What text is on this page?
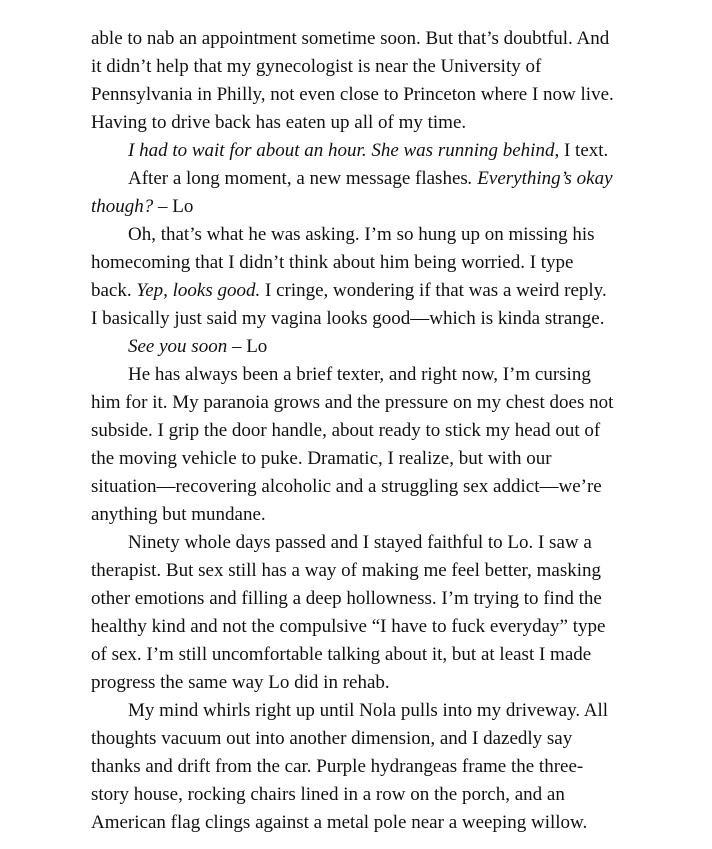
able to nab an appointment sometime soon. But that’s doubtful. And
it didn’t help that my gynecologist is near the University of
Pennsylvania in Philly, not even close to Princeton where I now live.
Having to drive back has eaten up all of my time.

I had to wait for about an hour. She was running behind, I text.

After a long moment, a new message flashes. Everything’s okay
though? – Lo

Oh, that’s what he was asking. I’m so hung up on missing his
homecoming that I didn’t think about him being worried. I type
back. Yep, looks good. I cringe, wondering if that was a weird reply.
I basically just said my vagina looks good—which is kinda strange.

See you soon – Lo

He has always been a brief texter, and right now, I’m cursing
him for it. My paranoia grows and the pressure on my chest does not
subside. I grip the door handle, about ready to stick my head out of
the moving vehicle to puke. Dramatic, I realize, but with our
situation—recovering alcoholic and a struggling sex addict—we’re
anything but mundane.

Ninety whole days passed and I stayed faithful to Lo. I saw a
therapist. But sex still has a way of making me feel better, masking
other emotions and filling a deep hollowness. I’m trying to find the
healthy kind and not the compulsive “I have to fuck everyday” type
of sex. I’m still uncomfortable talking about it, but at least I made
progress the same way Lo did in rehab.

My mind whirls right up until Nola pulls into my driveway. All
thoughts vacuum out into another dimension, and I dazedly say
thanks and drift from the car. Purple hydrangeas frame the three-
story house, rocking chairs lined in a row on the porch, and an
American flag clings against a metal pole near a weeping willow.
